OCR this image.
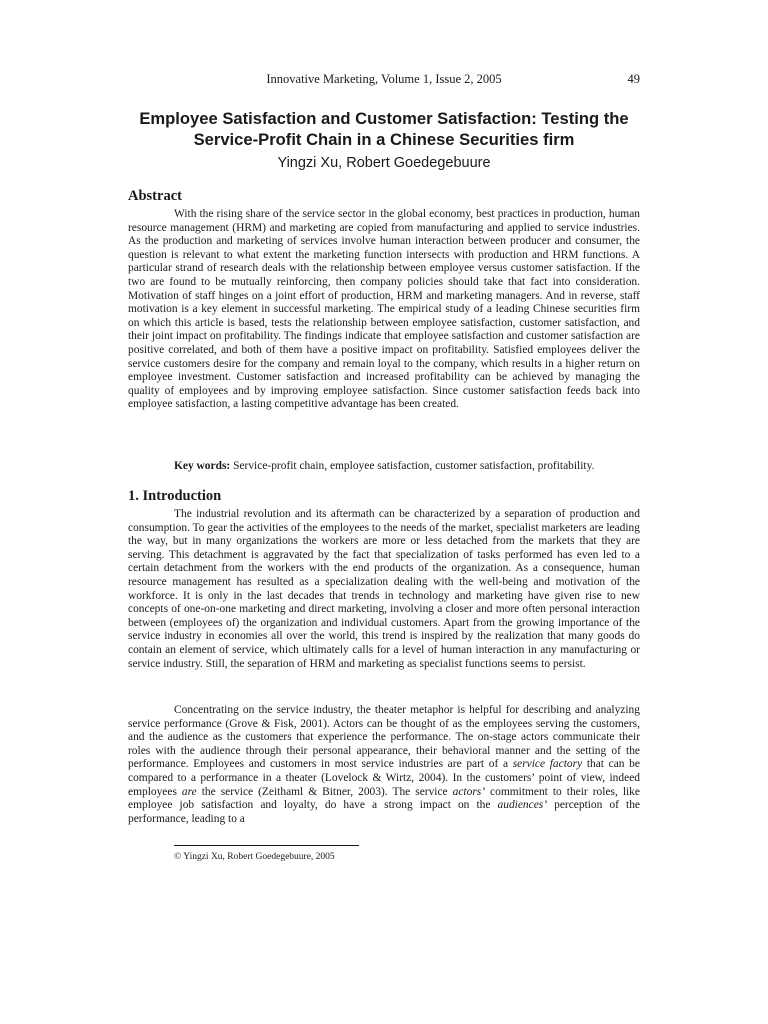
Innovative Marketing, Volume 1, Issue 2, 2005	49
Employee Satisfaction and Customer Satisfaction: Testing the Service-Profit Chain in a Chinese Securities firm
Yingzi Xu, Robert Goedegebuure
Abstract

With the rising share of the service sector in the global economy, best practices in production, human resource management (HRM) and marketing are copied from manufacturing and applied to service industries. As the production and marketing of services involve human interaction between producer and consumer, the question is relevant to what extent the marketing function intersects with production and HRM functions. A particular strand of research deals with the relationship between employee versus customer satisfaction. If the two are found to be mutually reinforcing, then company policies should take that fact into consideration. Motivation of staff hinges on a joint effort of production, HRM and marketing managers. And in reverse, staff motivation is a key element in successful marketing. The empirical study of a leading Chinese securities firm on which this article is based, tests the relationship between employee satisfaction, customer satisfaction, and their joint impact on profitability. The findings indicate that employee satisfaction and customer satisfaction are positive correlated, and both of them have a positive impact on profitability. Satisfied employees deliver the service customers desire for the company and remain loyal to the company, which results in a higher return on employee investment. Customer satisfaction and increased profitability can be achieved by managing the quality of employees and by improving employee satisfaction. Since customer satisfaction feeds back into employee satisfaction, a lasting competitive advantage has been created.

Key words: Service-profit chain, employee satisfaction, customer satisfaction, profitability.

1. Introduction

The industrial revolution and its aftermath can be characterized by a separation of production and consumption. To gear the activities of the employees to the needs of the market, specialist marketers are leading the way, but in many organizations the workers are more or less detached from the markets that they are serving. This detachment is aggravated by the fact that specialization of tasks performed has even led to a certain detachment from the workers with the end products of the organization. As a consequence, human resource management has resulted as a specialization dealing with the well-being and motivation of the workforce. It is only in the last decades that trends in technology and marketing have given rise to new concepts of one-on-one marketing and direct marketing, involving a closer and more often personal interaction between (employees of) the organization and individual customers. Apart from the growing importance of the service industry in economies all over the world, this trend is inspired by the realization that many goods do contain an element of service, which ultimately calls for a level of human interaction in any manufacturing or service industry. Still, the separation of HRM and marketing as specialist functions seems to persist.

Concentrating on the service industry, the theater metaphor is helpful for describing and analyzing service performance (Grove & Fisk, 2001). Actors can be thought of as the employees serving the customers, and the audience as the customers that experience the performance. The on-stage actors communicate their roles with the audience through their personal appearance, their behavioral manner and the setting of the performance. Employees and customers in most service industries are part of a service factory that can be compared to a performance in a theater (Lovelock & Wirtz, 2004). In the customers’ point of view, indeed employees are the service (Zeithaml & Bitner, 2003). The service actors’ commitment to their roles, like employee job satisfaction and loyalty, do have a strong impact on the audiences’ perception of the performance, leading to a

© Yingzi Xu, Robert Goedegebuure, 2005
